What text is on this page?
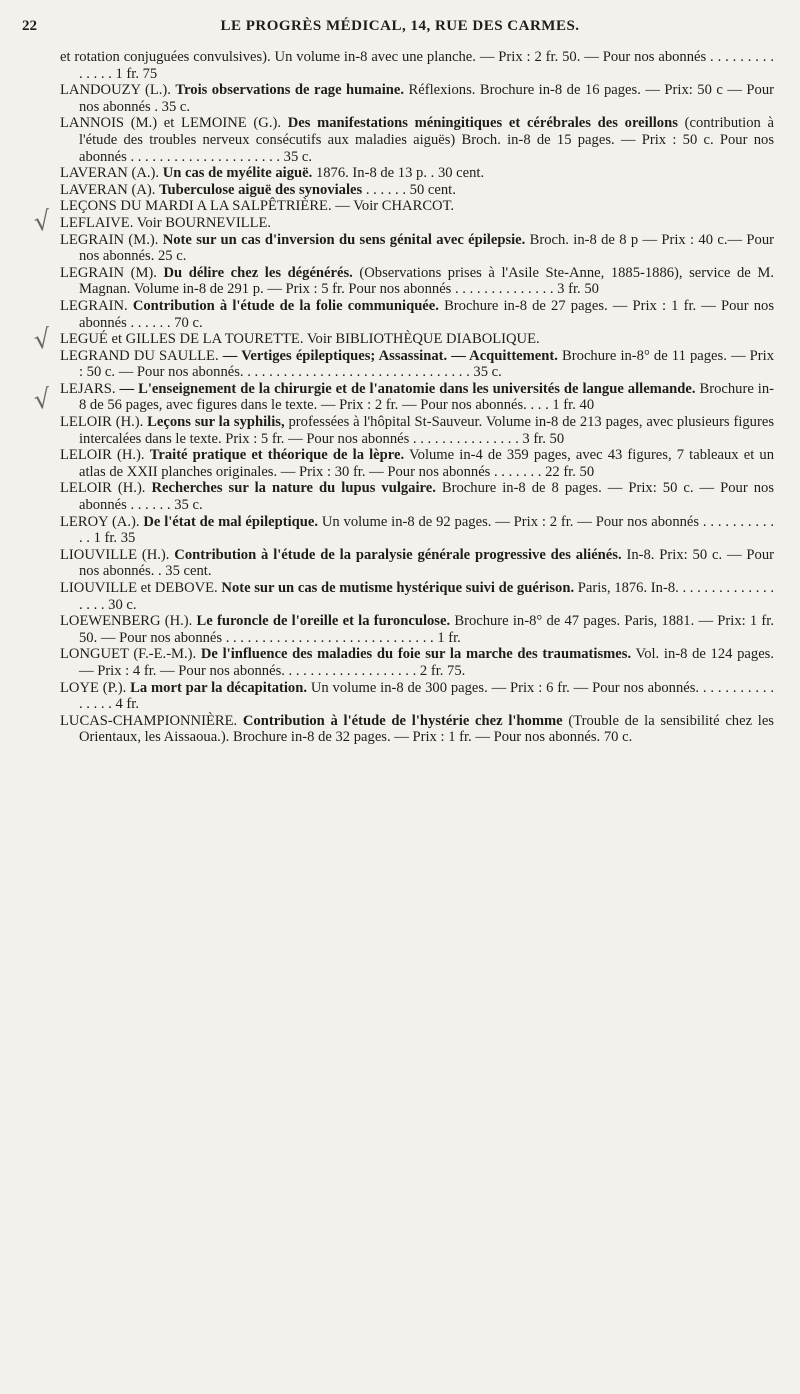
22	LE PROGRÈS MÉDICAL, 14, RUE DES CARMES.
√
√
√

et rotation conjuguées convulsives). Un volume in-8 avec une planche. — Prix : 2 fr. 50. — Pour nos abonnés . . . . . . . . . . . . . . 1 fr. 75

LANDOUZY (L.). Trois observations de rage humaine. Réflexions. Brochure in-8 de 16 pages. — Prix: 50 c — Pour nos abonnés . 35 c.

LANNOIS (M.) et LEMOINE (G.). Des manifestations méningitiques et cérébrales des oreillons (contribution à l'étude des troubles nerveux consécutifs aux maladies aiguës) Broch. in-8 de 15 pages. — Prix : 50 c. Pour nos abonnés . . . . . . . . . . . . . . . . . . . . . 35 c.

LAVERAN (A.). Un cas de myélite aiguë. 1876. In-8 de 13 p. . 30 cent.

LAVERAN (A). Tuberculose aiguë des synoviales . . . . . . 50 cent.

LEÇONS DU MARDI A LA SALPÊTRIÈRE. — Voir CHARCOT.

LEFLAIVE. Voir BOURNEVILLE.

LEGRAIN (M.). Note sur un cas d'inversion du sens génital avec épilepsie. Broch. in-8 de 8 p — Prix : 40 c.— Pour nos abonnés. 25 c.

LEGRAIN (M). Du délire chez les dégénérés. (Observations prises à l'Asile Ste-Anne, 1885-1886), service de M. Magnan. Volume in-8 de 291 p. — Prix : 5 fr. Pour nos abonnés . . . . . . . . . . . . . . 3 fr. 50

LEGRAIN. Contribution à l'étude de la folie communiquée. Brochure in-8 de 27 pages. — Prix : 1 fr. — Pour nos abonnés . . . . . . 70 c.

LEGUÉ et GILLES DE LA TOURETTE. Voir BIBLIOTHÈQUE DIABOLIQUE.

LEGRAND DU SAULLE. — Vertiges épileptiques; Assassinat. — Acquittement. Brochure in-8° de 11 pages. — Prix : 50 c. — Pour nos abonnés. . . . . . . . . . . . . . . . . . . . . . . . . . . . . . . . 35 c.

LEJARS. — L'enseignement de la chirurgie et de l'anatomie dans les universités de langue allemande. Brochure in-8 de 56 pages, avec figures dans le texte. — Prix : 2 fr. — Pour nos abonnés. . . . 1 fr. 40

LELOIR (H.). Leçons sur la syphilis, professées à l'hôpital St-Sauveur. Volume in-8 de 213 pages, avec plusieurs figures intercalées dans le texte. Prix : 5 fr. — Pour nos abonnés . . . . . . . . . . . . . . . 3 fr. 50

LELOIR (H.). Traité pratique et théorique de la lèpre. Volume in-4 de 359 pages, avec 43 figures, 7 tableaux et un atlas de XXII planches originales. — Prix : 30 fr. — Pour nos abonnés . . . . . . . 22 fr. 50

LELOIR (H.). Recherches sur la nature du lupus vulgaire. Brochure in-8 de 8 pages. — Prix: 50 c. — Pour nos abonnés . . . . . . 35 c.

LEROY (A.). De l'état de mal épileptique. Un volume in-8 de 92 pages. — Prix : 2 fr. — Pour nos abonnés . . . . . . . . . . . . 1 fr. 35

LIOUVILLE (H.). Contribution à l'étude de la paralysie générale progressive des aliénés. In-8. Prix: 50 c. — Pour nos abonnés. . 35 cent.

LIOUVILLE et DEBOVE. Note sur un cas de mutisme hystérique suivi de guérison. Paris, 1876. In-8. . . . . . . . . . . . . . . . . . 30 c.

LOEWENBERG (H.). Le furoncle de l'oreille et la furonculose. Brochure in-8° de 47 pages. Paris, 1881. — Prix: 1 fr. 50. — Pour nos abonnés . . . . . . . . . . . . . . . . . . . . . . . . . . . . . 1 fr.

LONGUET (F.-E.-M.). De l'influence des maladies du foie sur la marche des traumatismes. Vol. in-8 de 124 pages. — Prix : 4 fr. — Pour nos abonnés. . . . . . . . . . . . . . . . . . . 2 fr. 75.

LOYE (P.). La mort par la décapitation. Un volume in-8 de 300 pages. — Prix : 6 fr. — Pour nos abonnés. . . . . . . . . . . . . . . . 4 fr.

LUCAS-CHAMPIONNIÈRE. Contribution à l'étude de l'hystérie chez l'homme (Trouble de la sensibilité chez les Orientaux, les Aissaoua.). Brochure in-8 de 32 pages. — Prix : 1 fr. — Pour nos abonnés. 70 c.
